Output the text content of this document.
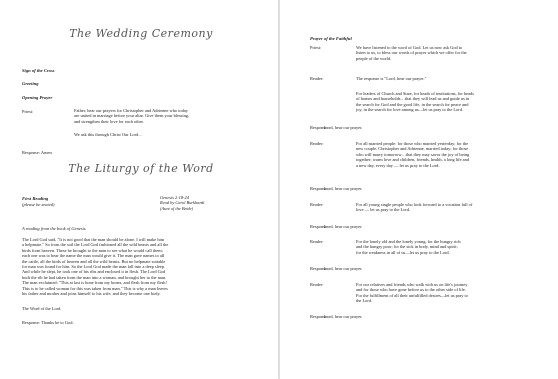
The Wedding Ceremony
Sign of the Cross
Greeting
Opening Prayer
Priest:	Father, hear our prayers for Christopher and Adrienne who today
are united in marriage before your altar. Give them your blessing,
and strengthen their love for each other.
We ask this through Christ Our Lord…
Response: Amen
The Liturgy of the Word
First Reading
(please be seated)
Genesis 2:18-24
Read by Carol Burkhardt
(Aunt of the Bride)
A reading from the book of Genesis
The Lord God said, "It is not good that the man should be alone. I will make him
a helpmate." So from the soil the Lord God fashioned all the wild beasts and all the
birds from heaven. These he brought to the man to see what he would call them;
each one was to bear the name the man would give it. The man gave names to all
the cattle, all the birds of heaven and all the wild beasts. But no helpmate suitable
for man was found for him. So the Lord God made the man fall into a deep sleep.
And while he slept, he took one of his ribs and enclosed it in flesh. The Lord God
built the rib he had taken from the man into a woman, and brought her to the man.
The man exclaimed: "This at last is bone from my bones, and flesh from my flesh!
This is to be called woman for this was taken from man." This is why a man leaves
his father and mother and joins himself to his wife, and they become one body.
The Word of the Lord.
Response: Thanks be to God.
Prayer of the Faithful
Priest:	We have listened to the word of God. Let us now ask God to
listen to us, to bless our words of prayer which we offer for the
people of the world.
Reader:	The response is "Lord, hear our prayer."
For leaders of Church and State, for heads of institutions, for heads
of homes and households…that they will lead us and guide us in
the search for God and the good life, in the search for peace and
joy, in the search for love among us—let us pray to the Lord.
Response:
Lord, hear our prayer.
Reader:	For all married people: for those who married yesterday; for the
new couple, Christopher and Adrienne, married today; for those
who will marry tomorrow…that they may savor the joy of being
together; warm love and children, friends, health, a long life and
a new day, every day — let us pray to the Lord.
Response:
Lord, hear our prayer.
Reader:	For all young single people who look forward to a vocation full of
love — let us pray to the Lord.
Response:
Lord, hear our prayer.
Reader:	For the lonely old and the lonely young, for the hungry rich
and the hungry poor; for the sick in body, mind and spirit;
for the weakness in all of us—let us pray to the Lord.
Response:
Lord, hear our prayer.
Reader:	For our relatives and friends who walk with us on life's journey
and for those who have gone before us to the other side of life.
For the fulfillment of all their unfulfilled desires—let us pray to
the Lord.
Response:
Lord, hear our prayer.
